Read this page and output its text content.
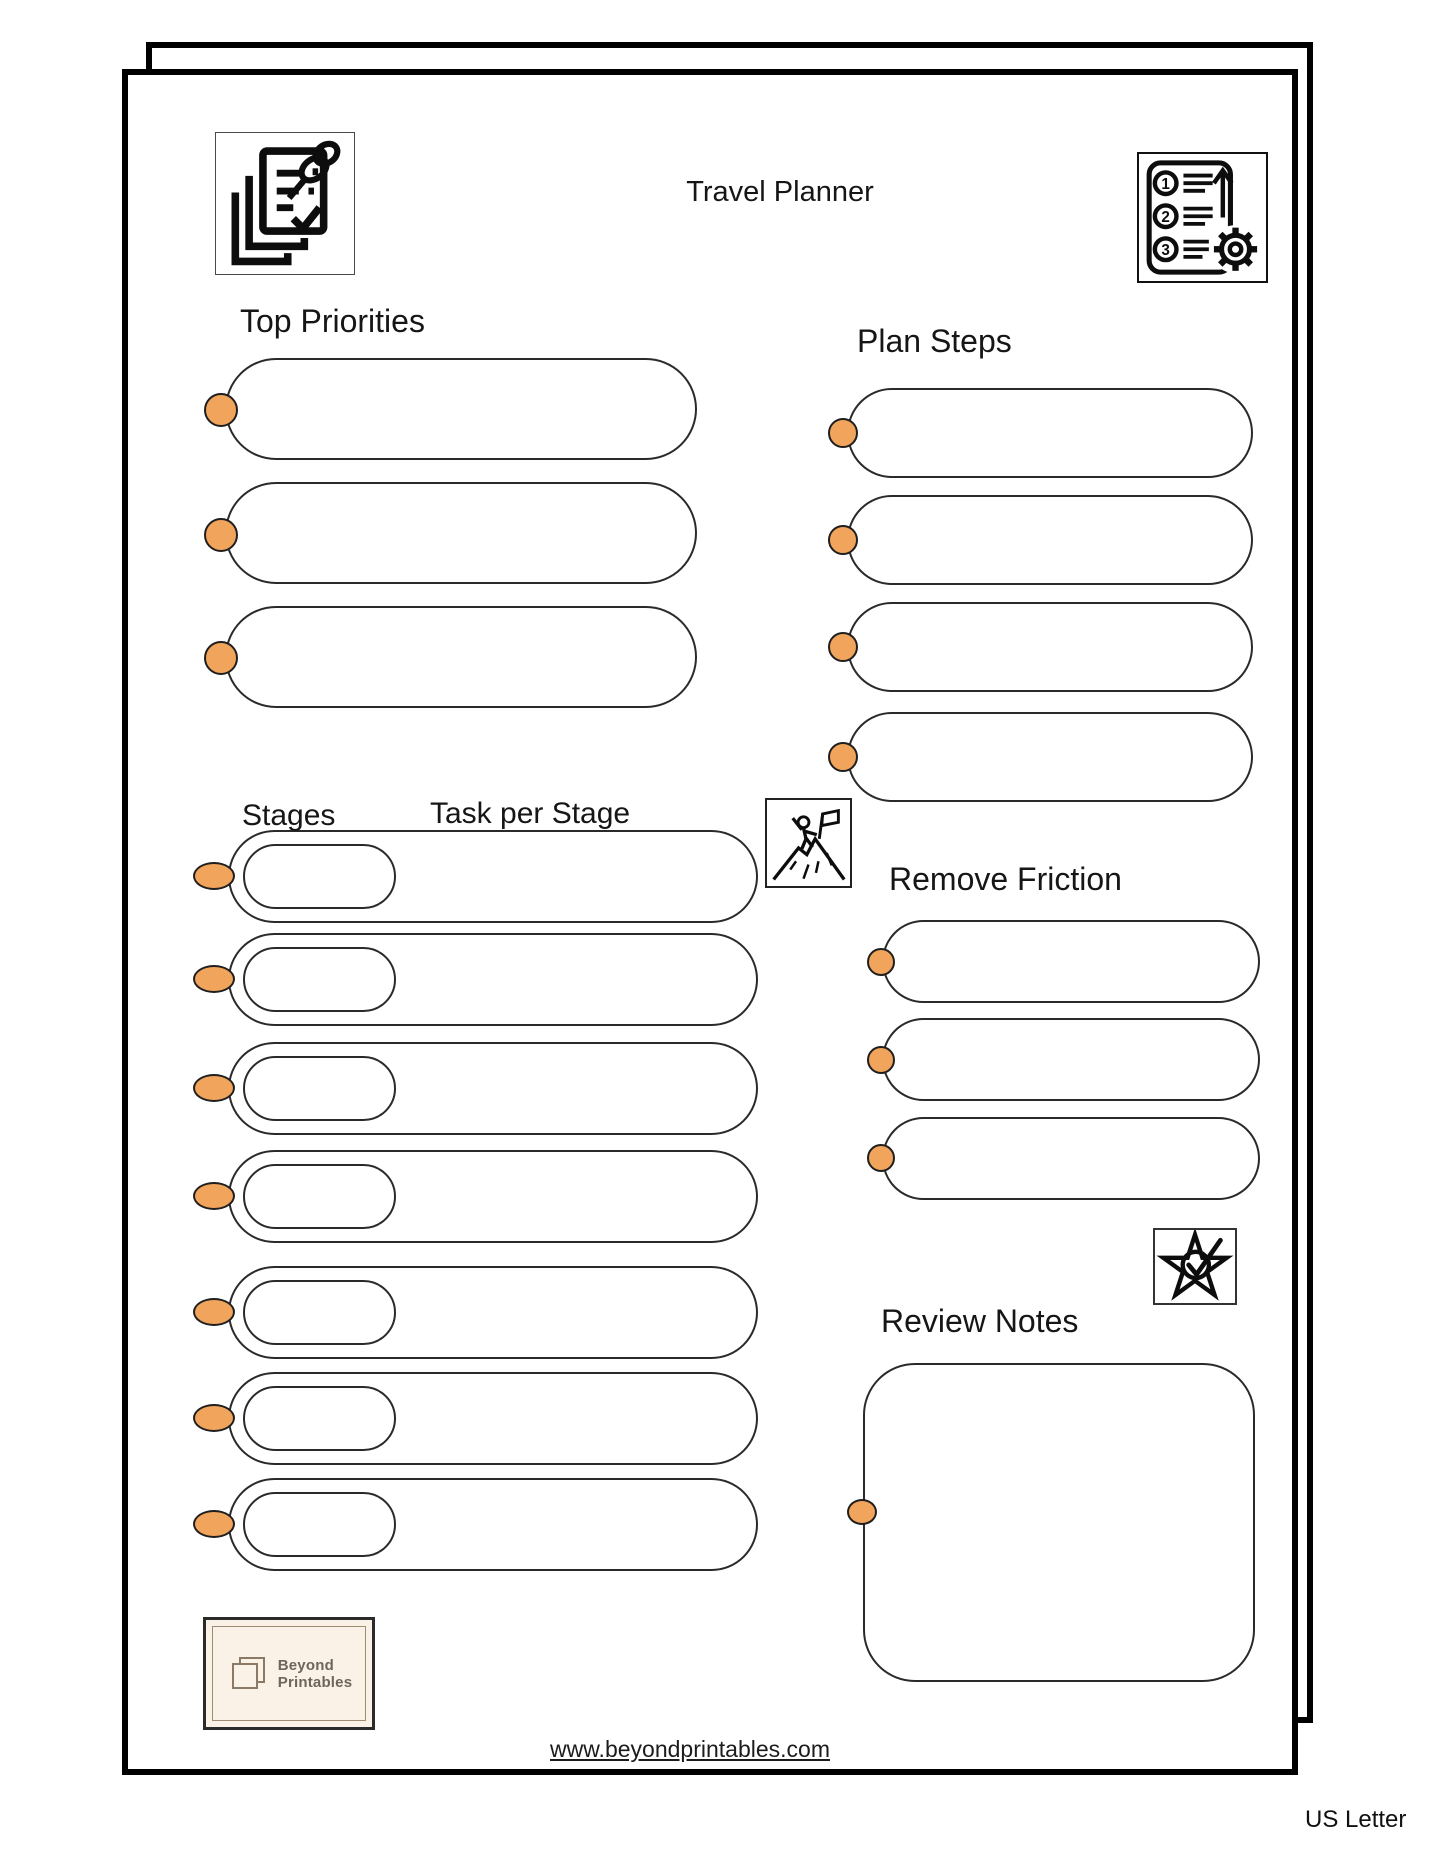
Travel Planner	1
2
3
Top Priorities
Plan Steps
Stages	Task per Stage
Remove Friction
Review Notes
Beyond
Printables
www.beyondprintables.com
US Letter
